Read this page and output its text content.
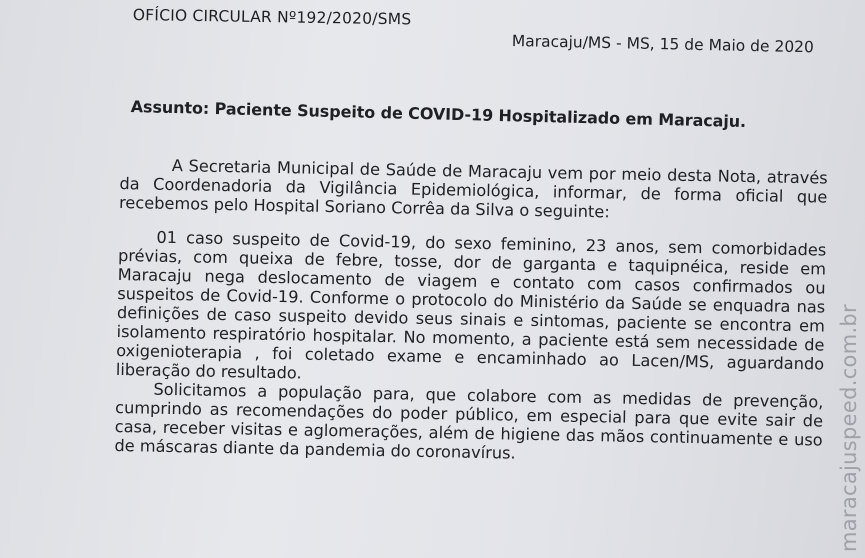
OFÍCIO CIRCULAR Nº192/2020/SMS
Maracaju/MS - MS, 15 de Maio de 2020
Assunto: Paciente Suspeito de COVID-19 Hospitalizado em Maracaju.

A Secretaria Municipal de Saúde de Maracaju vem por meio desta Nota, através da Coordenadoria da Vigilância Epidemiológica, informar, de forma oficial que recebemos pelo Hospital Soriano Corrêa da Silva o seguinte:

01 caso suspeito de Covid-19, do sexo feminino, 23 anos, sem comorbidades prévias, com queixa de febre, tosse, dor de garganta e taquipnéica, reside em Maracaju nega deslocamento de viagem e contato com casos confirmados ou suspeitos de Covid-19. Conforme o protocolo do Ministério da Saúde se enquadra nas definições de caso suspeito devido seus sinais e sintomas, paciente se encontra em isolamento respiratório hospitalar. No momento, a paciente está sem necessidade de oxigenioterapia , foi coletado exame e encaminhado ao Lacen/MS, aguardando liberação do resultado.

Solicitamos a população para, que colabore com as medidas de prevenção, cumprindo as recomendações do poder público, em especial para que evite sair de casa, receber visitas e aglomerações, além de higiene das mãos continuamente e uso de máscaras diante da pandemia do coronavírus.	maracajuspeed.com.br
